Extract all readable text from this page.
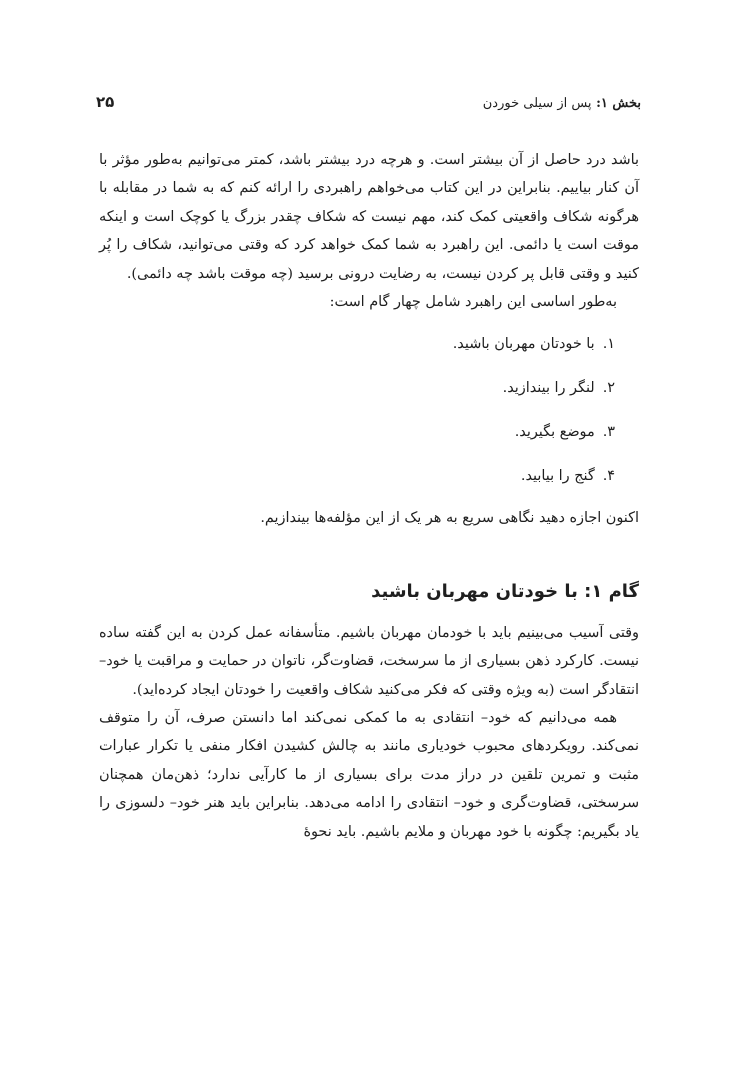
بخش ۱: پس از سیلی خوردن
۲۵

باشد درد حاصل از آن بیشتر است. و هرچه درد بیشتر باشد، کمتر می‌توانیم به‌طور مؤثر با آن کنار بیاییم. بنابراین در این کتاب می‌خواهم راهبردی را ارائه کنم که به شما در مقابله با هرگونه شکاف واقعیتی کمک کند، مهم نیست که شکاف چقدر بزرگ یا کوچک است و اینکه موقت است یا دائمی. این راهبرد به شما کمک خواهد کرد که وقتی می‌توانید، شکاف را پُر کنید و وقتی قابل پر کردن نیست، به رضایت درونی برسید (چه موقت باشد چه دائمی).

به‌طور اساسی این راهبرد شامل چهار گام است:

۱.
با خودتان مهربان باشید.
۲.
لنگر را بیندازید.
۳.
موضع بگیرید.
۴.
گنج را بیابید.

اکنون اجازه دهید نگاهی سریع به هر یک از این مؤلفه‌ها بیندازیم.

گام ۱: با خودتان مهربان باشید

وقتی آسیب می‌بینیم باید با خودمان مهربان باشیم. متأسفانه عمل کردن به این گفته ساده نیست. کارکرد ذهن بسیاری از ما سرسخت، قضاوت‌گر، ناتوان در حمایت و مراقبت یا خود– انتقادگر است (به ویژه وقتی که فکر می‌کنید شکاف واقعیت را خودتان ایجاد کرده‌اید).

همه می‌دانیم که خود– انتقادی به ما کمکی نمی‌کند اما دانستن صرف، آن را متوقف نمی‌کند. رویکردهای محبوب خودیاری مانند به چالش کشیدن افکار منفی یا تکرار عبارات مثبت و تمرین تلقین در دراز مدت برای بسیاری از ما کارآیی ندارد؛ ذهن‌مان همچنان سرسختی، قضاوت‌گری و خود– انتقادی را ادامه می‌دهد. بنابراین باید هنر خود– دلسوزی را یاد بگیریم: چگونه با خود مهربان و ملایم باشیم. باید نحوهٔ
